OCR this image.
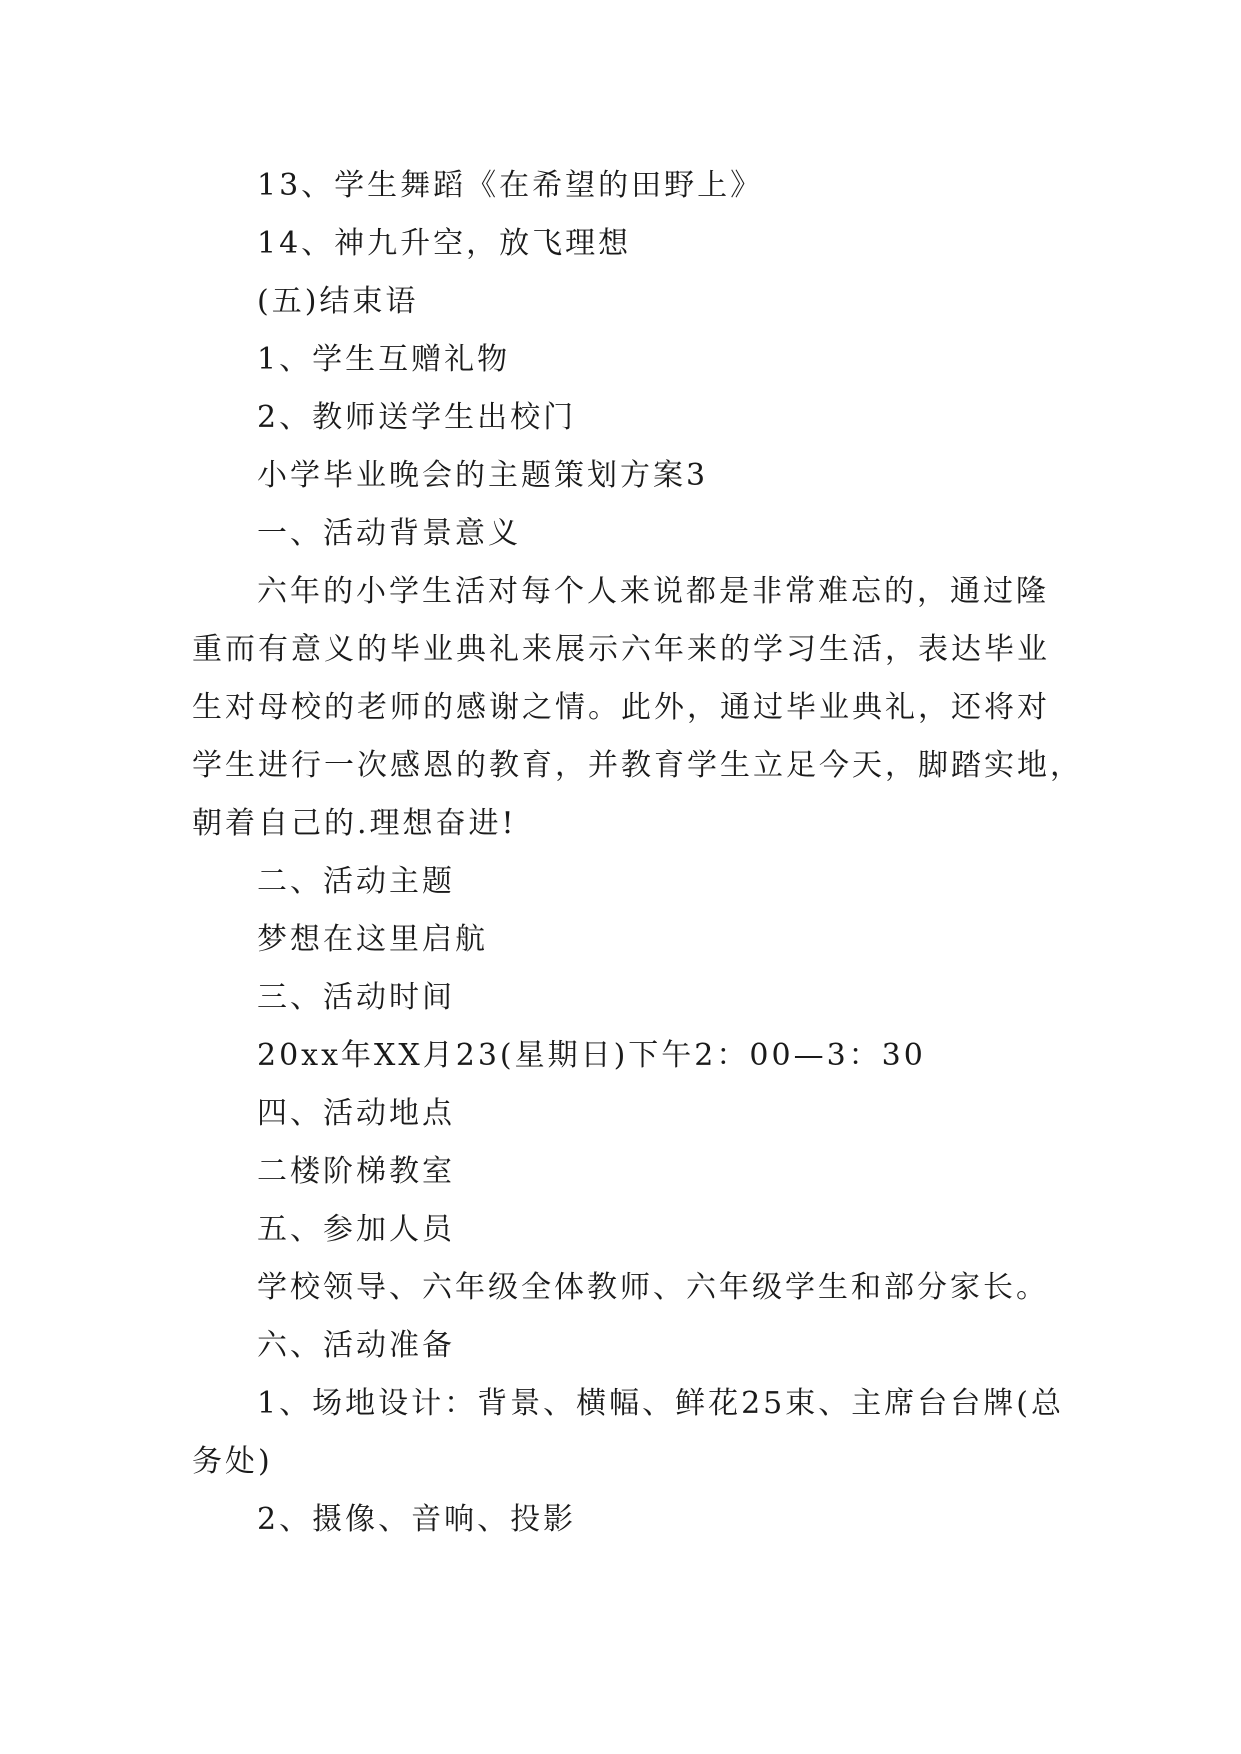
13、学生舞蹈《在希望的田野上》
14、神九升空，放飞理想
(五)结束语
1、学生互赠礼物
2、教师送学生出校门
小学毕业晚会的主题策划方案3
一、活动背景意义
六年的小学生活对每个人来说都是非常难忘的，通过隆
重而有意义的毕业典礼来展示六年来的学习生活，表达毕业
生对母校的老师的感谢之情。此外，通过毕业典礼，还将对
学生进行一次感恩的教育，并教育学生立足今天，脚踏实地，
朝着自己的.理想奋进!
二、活动主题
梦想在这里启航
三、活动时间
20xx年XX月23(星期日)下午2：00—3：30
四、活动地点
二楼阶梯教室
五、参加人员
学校领导、六年级全体教师、六年级学生和部分家长。
六、活动准备
1、场地设计：背景、横幅、鲜花25束、主席台台牌(总
务处)
2、摄像、音响、投影
